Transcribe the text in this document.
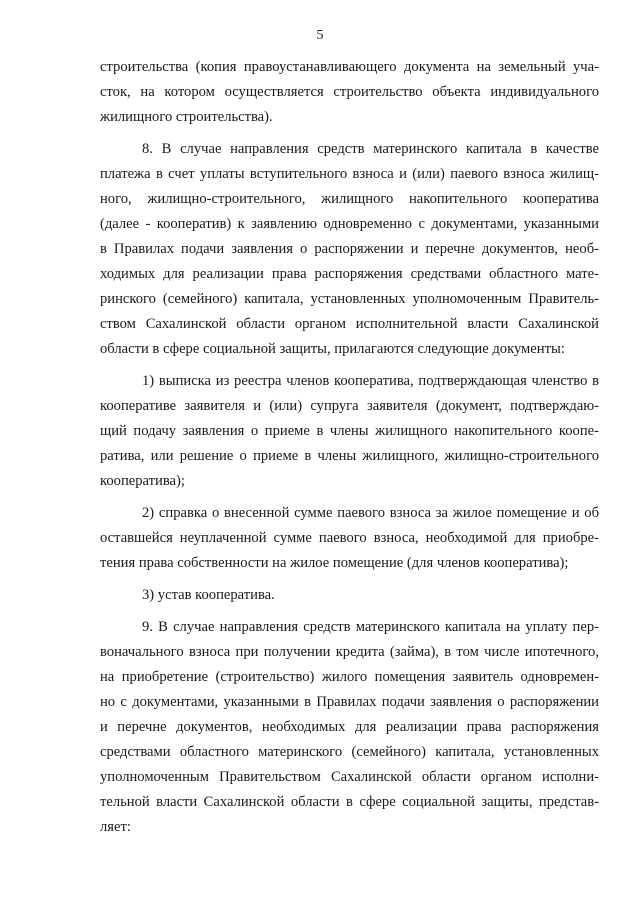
5
строительства (копия правоустанавливающего документа на земельный уча-
сток, на котором осуществляется строительство объекта индивидуального
жилищного строительства).
8. В случае направления средств материнского капитала в качестве
платежа в счет уплаты вступительного взноса и (или) паевого взноса жилищ-
ного, жилищно-строительного, жилищного накопительного кооператива
(далее - кооператив) к заявлению одновременно с документами, указанными
в Правилах подачи заявления о распоряжении и перечне документов, необ-
ходимых для реализации права распоряжения средствами областного мате-
ринского (семейного) капитала, установленных уполномоченным Правитель-
ством Сахалинской области органом исполнительной власти Сахалинской
области в сфере социальной защиты, прилагаются следующие документы:
1) выписка из реестра членов кооператива, подтверждающая членство в
кооперативе заявителя и (или) супруга заявителя (документ, подтверждаю-
щий подачу заявления о приеме в члены жилищного накопительного коопе-
ратива, или решение о приеме в члены жилищного, жилищно-строительного
кооператива);
2) справка о внесенной сумме паевого взноса за жилое помещение и об
оставшейся неуплаченной сумме паевого взноса, необходимой для приобре-
тения права собственности на жилое помещение (для членов кооператива);
3) устав кооператива.
9. В случае направления средств материнского капитала на уплату пер-
воначального взноса при получении кредита (займа), в том числе ипотечного,
на приобретение (строительство) жилого помещения заявитель одновремен-
но с документами, указанными в Правилах подачи заявления о распоряжении
и перечне документов, необходимых для реализации права распоряжения
средствами областного материнского (семейного) капитала, установленных
уполномоченным Правительством Сахалинской области органом исполни-
тельной власти Сахалинской области в сфере социальной защиты, представ-
ляет:
